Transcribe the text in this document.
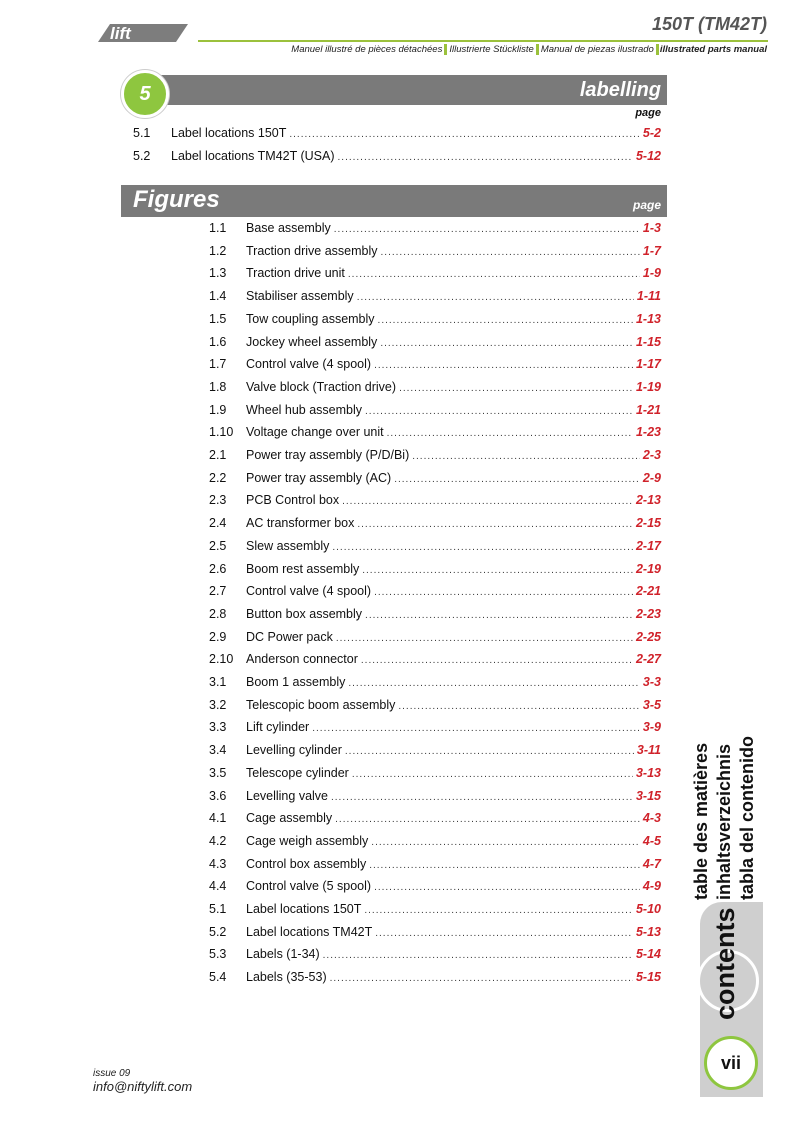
lift	150T (TM42T)
Manuel illustré de pièces détachées Illustrierte Stückliste Manual de piezas ilustrado illustrated parts manual
5	labelling
page
5.1	Label locations 150T .....	5-2
5.2	Label locations TM42T (USA) .....	5-12
Figures	page
1.1	Base assembly .....	1-3
1.2	Traction drive assembly .....	1-7
1.3	Traction drive unit .....	1-9
1.4	Stabiliser assembly .....	1-11
1.5	Tow coupling assembly .....	1-13
1.6	Jockey wheel assembly .....	1-15
1.7	Control valve (4 spool) .....	1-17
1.8	Valve block (Traction drive) .....	1-19
1.9	Wheel hub assembly .....	1-21
1.10	Voltage change over unit .....	1-23
2.1	Power tray assembly (P/D/Bi) .....	2-3
2.2	Power tray assembly (AC) .....	2-9
2.3	PCB Control box .....	2-13
2.4	AC transformer box .....	2-15
2.5	Slew assembly .....	2-17
2.6	Boom rest assembly .....	2-19
2.7	Control valve (4 spool) .....	2-21
2.8	Button box assembly .....	2-23
2.9	DC Power pack .....	2-25
2.10	Anderson connector .....	2-27
3.1	Boom 1 assembly .....	3-3
3.2	Telescopic boom assembly .....	3-5
3.3	Lift cylinder .....	3-9
3.4	Levelling cylinder .....	3-11
3.5	Telescope cylinder .....	3-13
3.6	Levelling valve .....	3-15
4.1	Cage assembly .....	4-3
4.2	Cage weigh assembly .....	4-5
4.3	Control box assembly .....	4-7
4.4	Control valve (5 spool) .....	4-9
5.1	Label locations 150T .....	5-10
5.2	Label locations TM42T .....	5-13
5.3	Labels (1-34) .....	5-14
5.4	Labels (35-53) .....	5-15
table des matières inhaltsverzeichnis tabla del contenido
contents
vii
issue 09
info@niftylift.com
